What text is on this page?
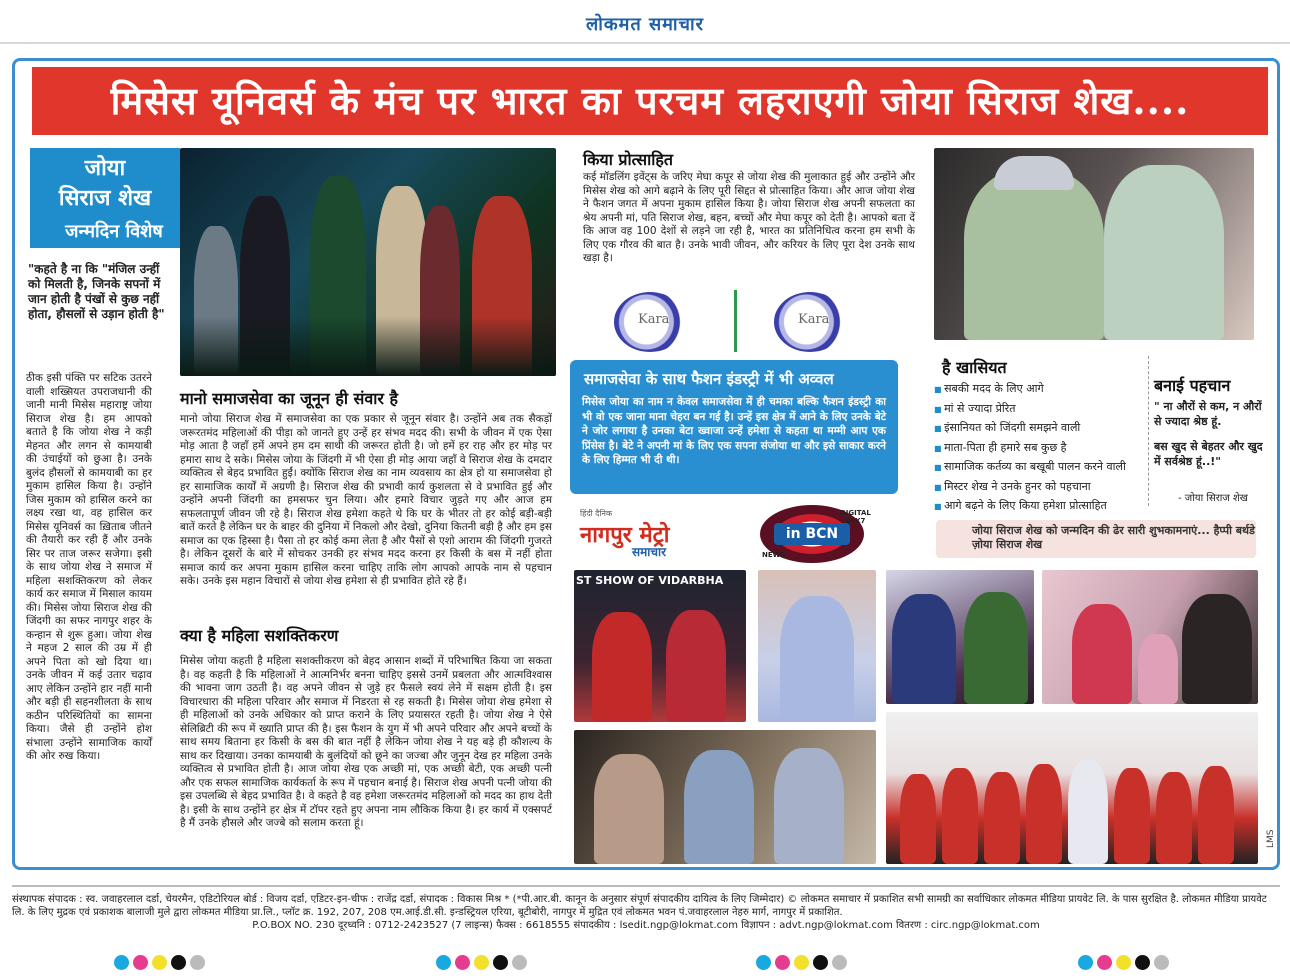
लोकमत समाचार
मिसेस यूनिवर्स के मंच पर भारत का परचम लहराएगी जोया सिराज शेख....
जोया
सिराज शेख
जन्मदिन विशेष
"कहते है ना कि "मंजिल उन्हीं को मिलती है, जिनके सपनों में जान होती है पंखों से कुछ नहीं होता, हौसलों से उड़ान होती है"
ठीक इसी पंक्ति पर सटिक उतरने वाली शख्सियत उपराजधानी की जानी मानी मिसेस महाराष्ट्र जोया सिराज शेख है। हम आपको बताते है कि जोया शेख ने कड़ी मेहनत और लगन से कामयाबी की उंचाईयों को छुआ है। उनके बुलंद हौसलों से कामयाबी का हर मुकाम हासिल किया है। उन्होंने जिस मुकाम को हासिल करने का लक्ष्य रखा था, वह हासिल कर मिसेस यूनिवर्स का ख़िताब जीतने की तैयारी कर रही हैं और उनके सिर पर ताज जरूर सजेगा। इसी के साथ जोया शेख ने समाज में महिला सशक्तिकरण को लेकर कार्य कर समाज में मिसाल कायम की। मिसेस जोया सिराज शेख की जिंदगी का सफर नागपुर शहर के कन्हान से शुरू हुआ। जोया शेख ने महज 2 साल की उम्र में ही अपने पिता को खो दिया था। उनके जीवन में कई उतार चढ़ाव आए लेकिन उन्होंने हार नहीं मानी और बड़ी ही सहनशीलता के साथ कठीन परिस्थितियों का सामना किया। जैसे ही उन्होंने होश संभाला उन्होंने सामाजिक कार्यों की ओर रुख किया।
मानो समाजसेवा का जूनून ही संवार है
मानो जोया सिराज शेख में समाजसेवा का एक प्रकार से जूनून संवार है। उन्होंने अब तक सैकड़ों जरूरतमंद महिलाओं की पीड़ा को जानते हुए उन्हें हर संभव मदद की। सभी के जीवन में एक ऐसा मोड़ आता है जहाँ हमें अपने हम दम साथी की जरूरत होती है। जो हमें हर राह और हर मोड़ पर हमारा साथ दे सके। मिसेस जोया के जिंदगी में भी ऐसा ही मोड़ आया जहाँ वे सिराज शेख के दमदार व्यक्तित्व से बेहद प्रभावित हुईं। क्योंकि सिराज शेख का नाम व्यवसाय का क्षेत्र हो या समाजसेवा हो हर सामाजिक कार्यों में अग्रणी है। सिराज शेख की प्रभावी कार्य कुशलता से वे प्रभावित हुई और उन्होंने अपनी जिंदगी का हमसफर चुन लिया। और हमारे विचार जुड़ते गए और आज हम सफलतापूर्ण जीवन जी रहे है। सिराज शेख हमेशा कहते थे कि घर के भीतर तो हर कोई बड़ी-बड़ी बातें करते है लेकिन घर के बाहर की दुनिया में निकलो और देखो, दुनिया कितनी बड़ी है और हम इस समाज का एक हिस्सा है। पैसा तो हर कोई कमा लेता है और पैसों से एशो आराम की जिंदगी गुजरते है। लेकिन दूसरों के बारे में सोचकर उनकी हर संभव मदद करना हर किसी के बस में नहीं होता समाज कार्य कर अपना मुकाम हासिल करना चाहिए ताकि लोग आपको आपके नाम से पहचान सके। उनके इस महान विचारों से जोया शेख हमेशा से ही प्रभावित होते रहे हैं।
क्या है महिला सशक्तिकरण
मिसेस जोया कहती है महिला सशक्तीकरण को बेहद आसान शब्दों में परिभाषित किया जा सकता है। वह कहती है कि महिलाओं ने आत्मनिर्भर बनना चाहिए इससे उनमें प्रबलता और आत्मविश्वास की भावना जाग उठती है। वह अपने जीवन से जुड़े हर फैसले स्वयं लेने में सक्षम होती है। इस विचारधारा की महिला परिवार और समाज में निडरता से रह सकती है। मिसेस जोया शेख हमेशा से ही महिलाओं को उनके अधिकार को प्राप्त कराने के लिए प्रयासरत रहती है। जोया शेख ने ऐसे सेलिब्रिटी की रूप में ख्याति प्राप्त की है। इस फैशन के युग में भी अपने परिवार और अपने बच्चों के साथ समय बिताना हर किसी के बस की बात नहीं है लेकिन जोया शेख ने यह बड़े ही कौशल्य के साथ कर दिखाया। उनका कामयाबी के बुलंदियों को छूने का जज्बा और जुनून देख हर महिला उनके व्यक्तित्व से प्रभावित होती है। आज जोया शेख एक अच्छी मां, एक अच्छी बेटी, एक अच्छी पत्नी और एक सफल सामाजिक कार्यकर्ता के रूप में पहचान बनाई है। सिराज शेख अपनी पत्नी जोया की इस उपलब्धि से बेहद प्रभावित है। वे कहते है वह हमेशा जरूरतमंद महिलाओं को मदद का हाथ देती है। इसी के साथ उन्होंने हर क्षेत्र में टॉपर रहते हुए अपना नाम लौकिक किया है। हर कार्य में एक्सपर्ट है मैं उनके हौसले और जज्बे को सलाम करता हूं।
किया प्रोत्साहित
कई मॉडलिंग इवेंट्स के जरिए मेघा कपूर से जोया शेख की मुलाकात हुई और उन्होंने और मिसेस शेख को आगे बढ़ाने के लिए पूरी सिद्दत से प्रोत्साहित किया। और आज जोया शेख ने फैशन जगत में अपना मुकाम हासिल किया है। जोया सिराज शेख अपनी सफलता का श्रेय अपनी मां, पति सिराज शेख, बहन, बच्चों और मेघा कपूर को देती है। आपको बता दें कि आज वह 100 देशों से लड़ने जा रही है, भारत का प्रतिनिधित्व करना हम सभी के लिए एक गौरव की बात है। उनके भावी जीवन, और करियर के लिए पूरा देश उनके साथ खड़ा है।
Kara	Kara
समाजसेवा के साथ फैशन इंडस्ट्री में भी अव्वल

मिसेस जोया का नाम न केवल समाजसेवा में ही चमका बल्कि फैशन इंडस्ट्री का भी वो एक जाना माना चेहरा बन गई है। उन्हें इस क्षेत्र में आने के लिए उनके बेटे ने जोर लगाया है उनका बेटा ख्वाजा उन्हें हमेशा से कहता था मम्मी आप एक प्रिंसेस है। बेटे ने अपनी मां के लिए एक सपना संजोया था और इसे साकार करने के लिए हिम्मत भी दी थी।

है खासियत
■ सबकी मदद के लिए आगे
■ मां से ज्यादा प्रेरित
■ इंसानियत को जिंदगी समझने वाली
■ माता-पिता ही हमारे सब कुछ है
■ सामाजिक कर्तव्य का बखूबी पालन करने वाली
■ मिस्टर शेख ने उनके हुनर को पहचाना
■ आगे बढ़ने के लिए किया हमेशा प्रोत्साहित
बनाई पहचान
" ना औरों से कम, न औरों से ज्यादा श्रेष्ठ हूं.
बस खुद से बेहतर और खुद में सर्वश्रेष्ठ हूं..!"
- जोया सिराज शेख
जोया सिराज शेख को जन्मदिन की ढेर सारी शुभकामनाएं... हैप्पी बर्थडे ज़ोया सिराज शेख
हिंदी दैनिक
नागपुर मेट्रो
समाचार
in BCN
DIGITAL 24X7
NEWS
ST SHOW OF VIDARBHA
LMS
संस्थापक संपादक : स्व. जवाहरलाल दर्डा, चेयरमैन, एडिटोरियल बोर्ड : विजय दर्डा, एडिटर-इन-चीफ : राजेंद्र दर्डा, संपादक : विकास मिश्र * (*पी.आर.बी. कानून के अनुसार संपूर्ण संपादकीय दायित्व के लिए जिम्मेदार) © लोकमत समाचार में प्रकाशित सभी सामग्री का सर्वाधिकार लोकमत मीडिया प्रायवेट लि. के पास सुरक्षित है. लोकमत मीडिया प्रायवेट लि. के लिए मुद्रक एवं प्रकाशक बालाजी मुले द्वारा लोकमत मीडिया प्रा.लि., प्लॉट क्र. 192, 207, 208 एम.आई.डी.सी. इन्डस्ट्रियल एरिया, बूटीबोरी, नागपुर में मुद्रित एवं लोकमत भवन पं.जवाहरलाल नेहरु मार्ग, नागपुर में प्रकाशित.
P.O.BOX NO. 230 दूरध्वनि : 0712-2423527 (7 लाइन्स) फैक्स : 6618555 संपादकीय : lsedit.ngp@lokmat.com विज्ञापन : advt.ngp@lokmat.com वितरण : circ.ngp@lokmat.com
